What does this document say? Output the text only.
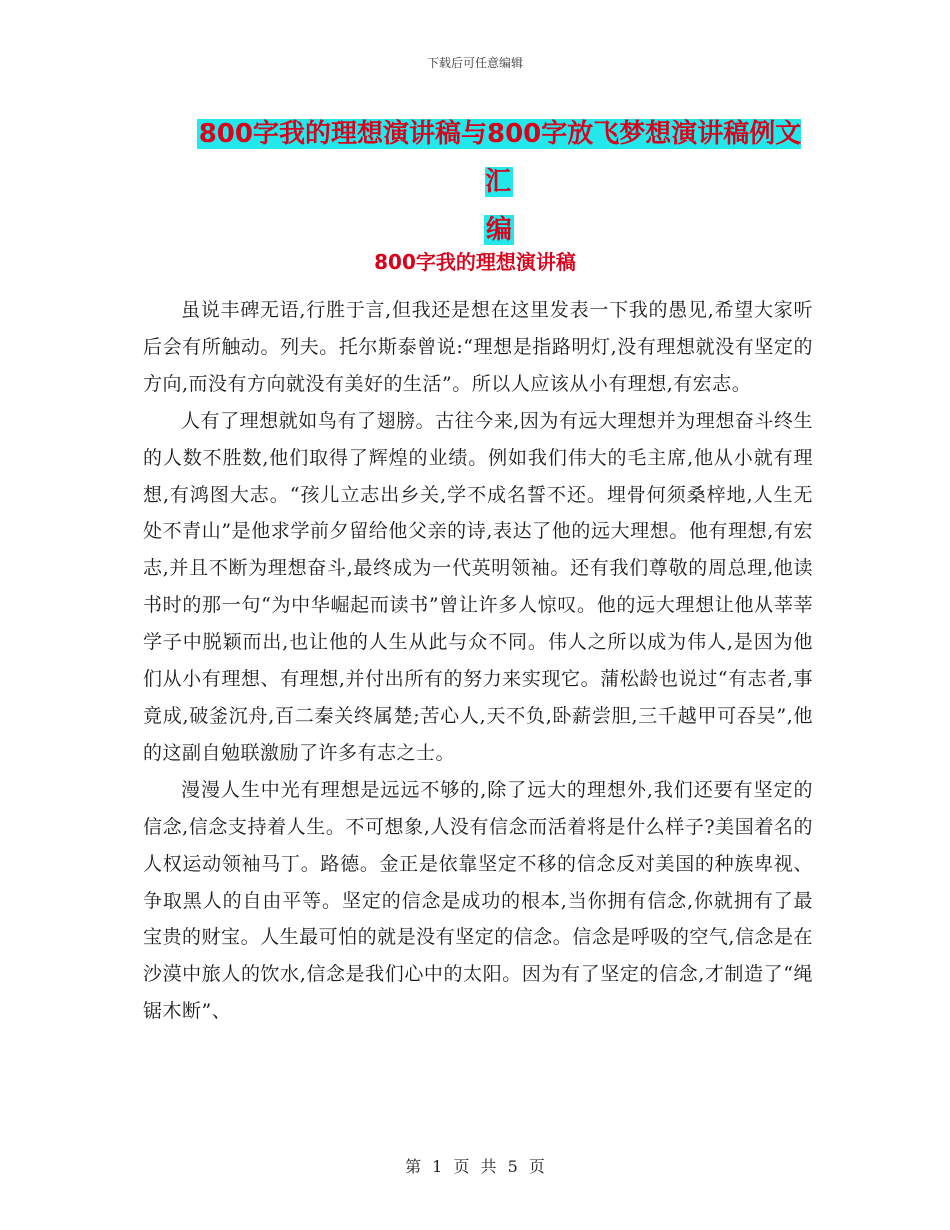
下载后可任意编辑
800字我的理想演讲稿与800字放飞梦想演讲稿例文汇
编
800字我的理想演讲稿

虽说丰碑无语,行胜于言,但我还是想在这里发表一下我的愚见,希望大家听后会有所触动。列夫。托尔斯泰曾说:“理想是指路明灯,没有理想就没有坚定的方向,而没有方向就没有美好的生活”。所以人应该从小有理想,有宏志。

人有了理想就如鸟有了翅膀。古往今来,因为有远大理想并为理想奋斗终生的人数不胜数,他们取得了辉煌的业绩。例如我们伟大的毛主席,他从小就有理想,有鸿图大志。“孩儿立志出乡关,学不成名誓不还。埋骨何须桑梓地,人生无处不青山”是他求学前夕留给他父亲的诗,表达了他的远大理想。他有理想,有宏志,并且不断为理想奋斗,最终成为一代英明领袖。还有我们尊敬的周总理,他读书时的那一句“为中华崛起而读书”曾让许多人惊叹。他的远大理想让他从莘莘学子中脱颖而出,也让他的人生从此与众不同。伟人之所以成为伟人,是因为他们从小有理想、有理想,并付出所有的努力来实现它。蒲松龄也说过“有志者,事竟成,破釜沉舟,百二秦关终属楚;苦心人,天不负,卧薪尝胆,三千越甲可吞吴”,他的这副自勉联激励了许多有志之士。

漫漫人生中光有理想是远远不够的,除了远大的理想外,我们还要有坚定的信念,信念支持着人生。不可想象,人没有信念而活着将是什么样子?美国着名的人权运动领袖马丁。路德。金正是依靠坚定不移的信念反对美国的种族卑视、争取黑人的自由平等。坚定的信念是成功的根本,当你拥有信念,你就拥有了最宝贵的财宝。人生最可怕的就是没有坚定的信念。信念是呼吸的空气,信念是在沙漠中旅人的饮水,信念是我们心中的太阳。因为有了坚定的信念,才制造了“绳锯木断”、

第 1 页 共 5 页
